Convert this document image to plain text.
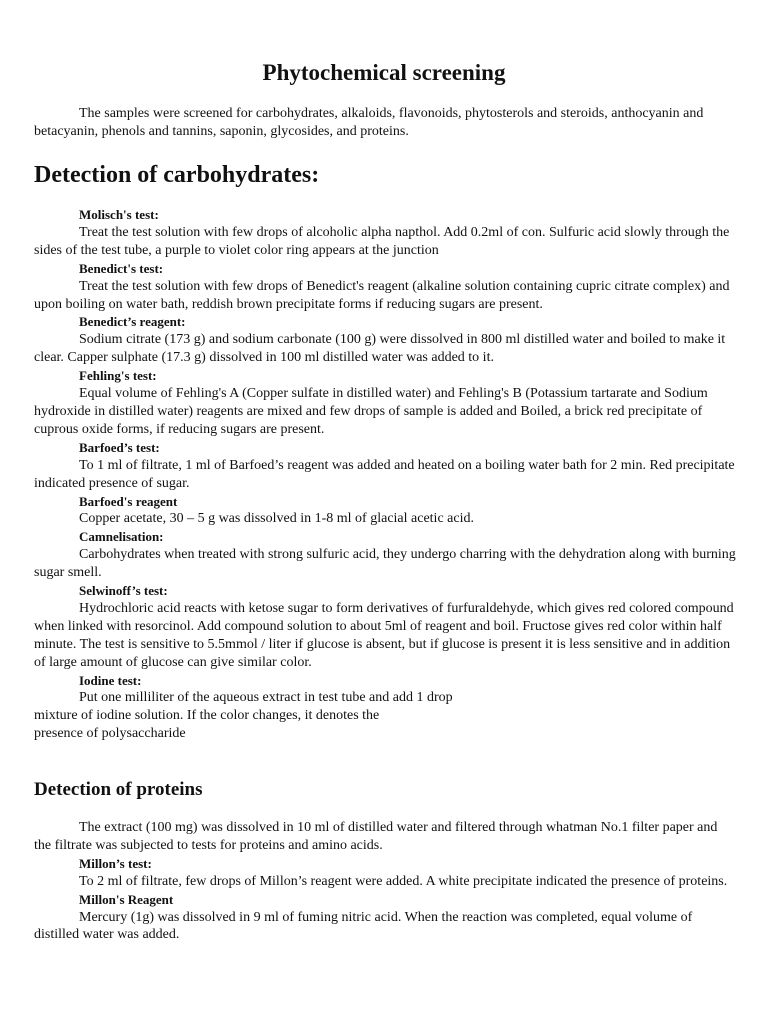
Phytochemical screening

The samples were screened for carbohydrates, alkaloids, flavonoids, phytosterols and steroids, anthocyanin and betacyanin, phenols and tannins, saponin, glycosides, and proteins.

Detection of carbohydrates:

Molisch's test:

Treat the test solution with few drops of alcoholic alpha napthol. Add 0.2ml of con. Sulfuric acid slowly through the sides of the test tube, a purple to violet color ring appears at the junction

Benedict's test:

Treat the test solution with few drops of Benedict's reagent (alkaline solution containing cupric citrate complex) and

upon boiling on water bath, reddish brown precipitate forms if reducing sugars are present.

Benedict’s reagent:

Sodium citrate (173 g) and sodium carbonate (100 g) were dissolved in 800 ml distilled water and boiled to make it clear. Capper sulphate (17.3 g) dissolved in 100 ml distilled water was added to it.

Fehling's test:

Equal volume of Fehling's A (Copper sulfate in distilled water) and Fehling's B (Potassium tartarate and Sodium hydroxide in distilled water) reagents are mixed and few drops of sample is added and Boiled, a brick red precipitate of cuprous oxide forms, if reducing sugars are present.

Barfoed’s test:

To 1 ml of filtrate, 1 ml of Barfoed’s reagent was added and heated on a boiling water bath for 2 min. Red precipitate indicated presence of sugar.

Barfoed's reagent

Copper acetate, 30 – 5 g was dissolved in 1-8 ml of glacial acetic acid.

Camnelisation:

Carbohydrates when treated with strong sulfuric acid, they undergo charring with the dehydration along with burning sugar smell.

Selwinoff’s test:

Hydrochloric acid reacts with ketose sugar to form derivatives of furfuraldehyde, which gives red colored compound when linked with resorcinol. Add compound solution to about 5ml of reagent and boil. Fructose gives red color within half minute. The test is sensitive to 5.5mmol / liter if glucose is absent, but if glucose is present it is less sensitive and in addition of large amount of glucose can give similar color.

Iodine test:

Put one milliliter of the aqueous extract in test tube and add 1 drop

mixture of iodine solution. If the color changes, it denotes the

presence of polysaccharide

Detection of proteins

The extract (100 mg) was dissolved in 10 ml of distilled water and filtered through whatman No.1 filter paper and the filtrate was subjected to tests for proteins and amino acids.

Millon’s test:

To 2 ml of filtrate, few drops of Millon’s reagent were added. A white precipitate indicated the presence of proteins.

Millon's Reagent

Mercury (1g) was dissolved in 9 ml of fuming nitric acid. When the reaction was completed, equal volume of distilled water was added.
